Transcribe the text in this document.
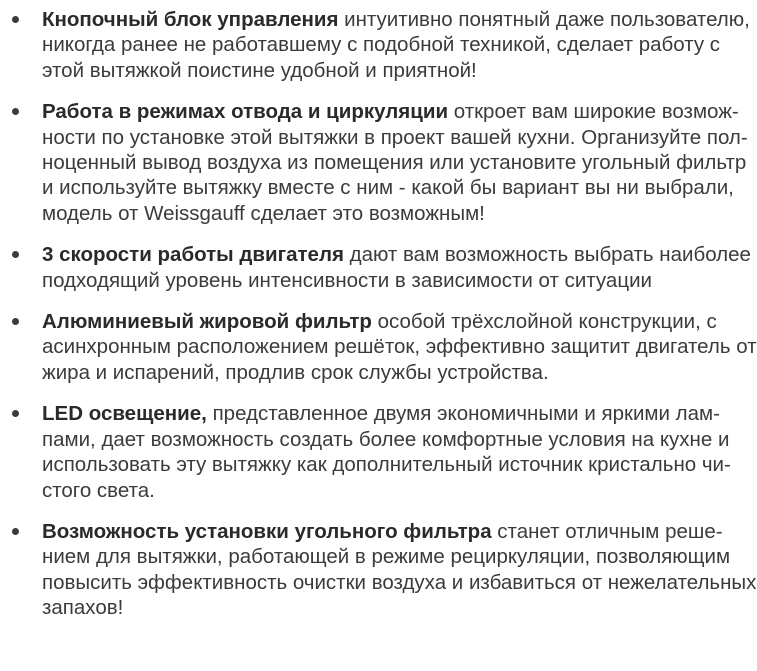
Кнопочный блок управления интуитивно понятный даже пользователю,
никогда ранее не работавшему с подобной техникой, сделает работу с
этой вытяжкой поистине удобной и приятной!
Работа в режимах отвода и циркуляции откроет вам широкие возмож-
ности по установке этой вытяжки в проект вашей кухни. Организуйте пол-
ноценный вывод воздуха из помещения или установите угольный фильтр
и используйте вытяжку вместе с ним - какой бы вариант вы ни выбрали,
модель от Weissgauff сделает это возможным!
3 скорости работы двигателя дают вам возможность выбрать наиболее
подходящий уровень интенсивности в зависимости от ситуации
Алюминиевый жировой фильтр особой трёхслойной конструкции, с
асинхронным расположением решёток, эффективно защитит двигатель от
жира и испарений, продлив срок службы устройства.
LED освещение, представленное двумя экономичными и яркими лам-
пами, дает возможность создать более комфортные условия на кухне и
использовать эту вытяжку как дополнительный источник кристально чи-
стого света.
Возможность установки угольного фильтра станет отличным реше-
нием для вытяжки, работающей в режиме рециркуляции, позволяющим
повысить эффективность очистки воздуха и избавиться от нежелательных
запахов!
